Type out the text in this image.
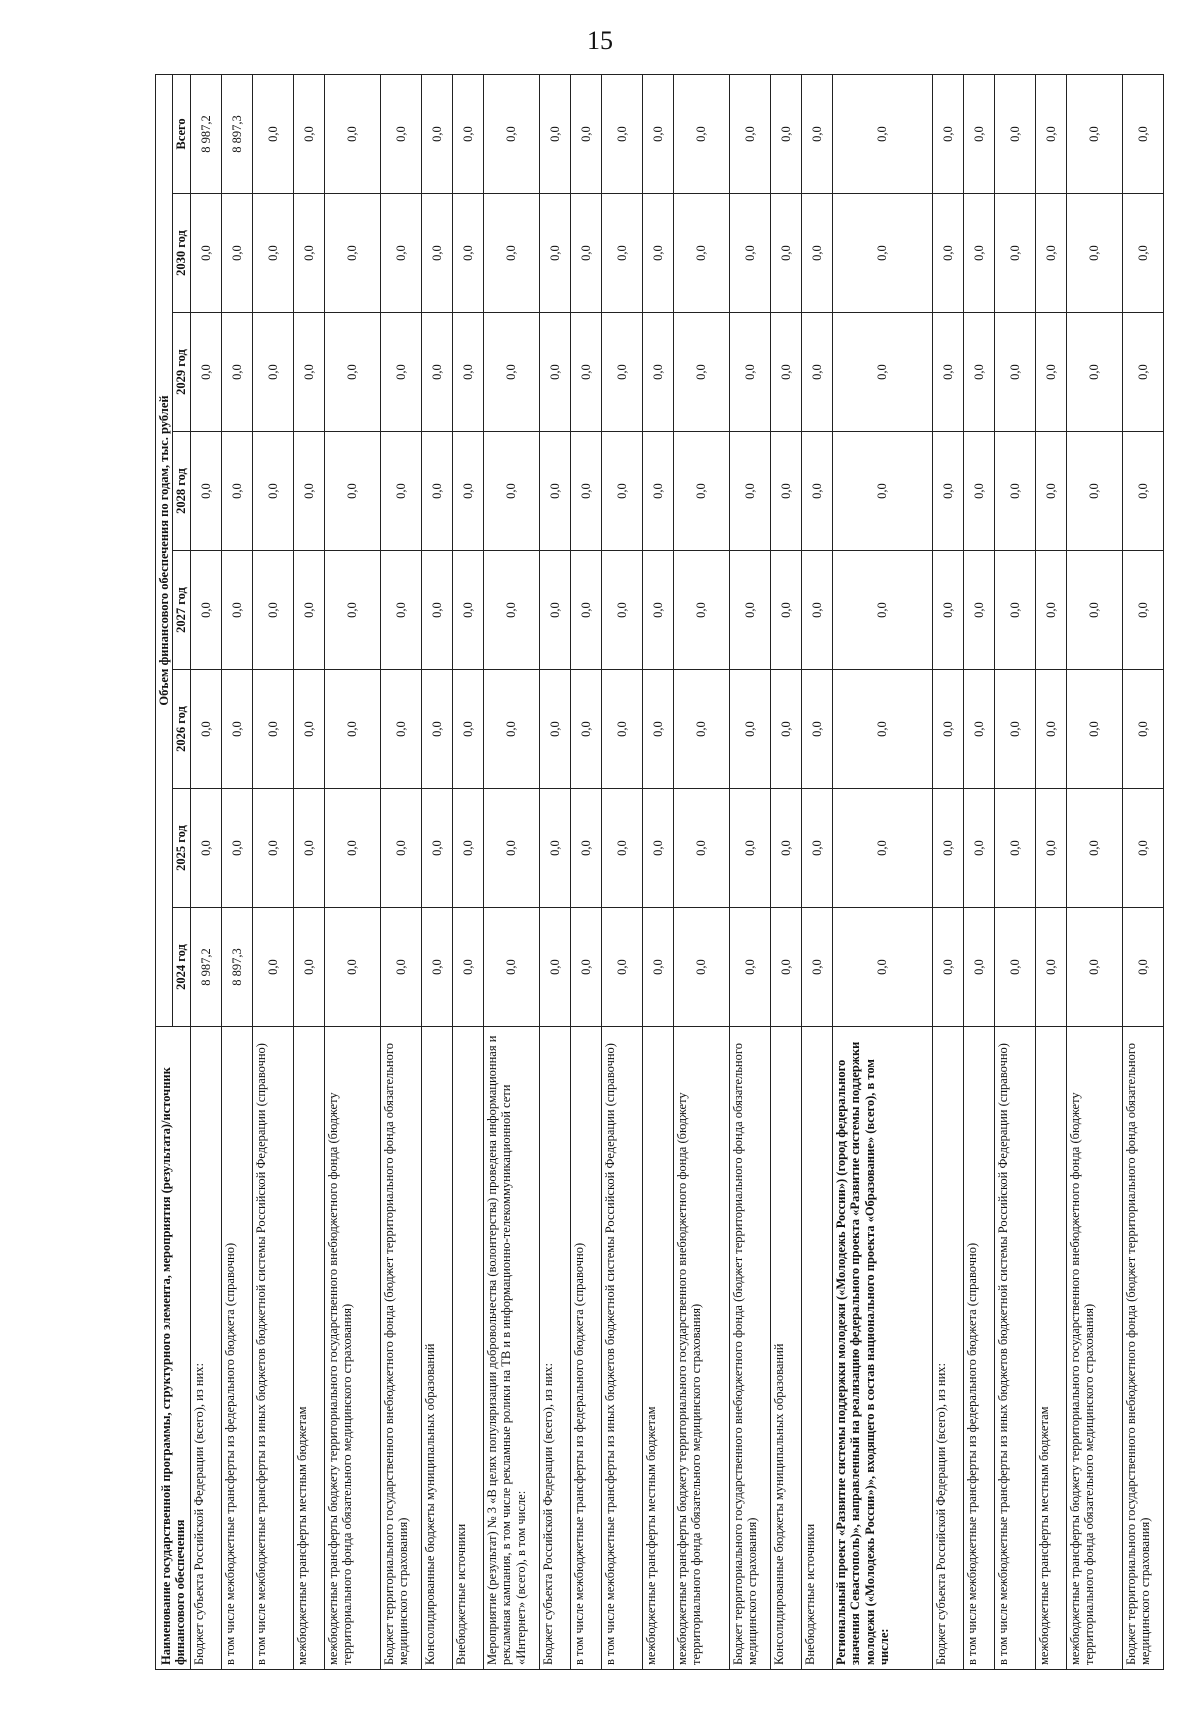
15
Наименование государственной программы, структурного элемента, мероприятия (результата)/источник финансового обеспечения	Объем финансового обеспечения по годам, тыс. рублей							
	2024 год	2025 год	2026 год	2027 год	2028 год	2029 год	2030 год	Всего
Бюджет субъекта Российской Федерации (всего), из них:	8 987,2	0,0	0,0	0,0	0,0	0,0	0,0	8 987,2
в том числе межбюджетные трансферты из федерального бюджета (справочно)	8 897,3	0,0	0,0	0,0	0,0	0,0	0,0	8 897,3
в том числе межбюджетные трансферты из иных бюджетов бюджетной системы Российской Федерации (справочно)	0,0	0,0	0,0	0,0	0,0	0,0	0,0	0,0
межбюджетные трансферты местным бюджетам	0,0	0,0	0,0	0,0	0,0	0,0	0,0	0,0
межбюджетные трансферты бюджету территориального государственного внебюджетного фонда (бюджету территориального фонда обязательного медицинского страхования)	0,0	0,0	0,0	0,0	0,0	0,0	0,0	0,0
Бюджет территориального государственного внебюджетного фонда (бюджет территориального фонда обязательного медицинского страхования)	0,0	0,0	0,0	0,0	0,0	0,0	0,0	0,0
Консолидированные бюджеты муниципальных образований	0,0	0,0	0,0	0,0	0,0	0,0	0,0	0,0
Внебюджетные источники	0,0	0,0	0,0	0,0	0,0	0,0	0,0	0,0
Мероприятие (результат) № 3 «В целях популяризации добровольчества (волонтерства) проведена информационная и рекламная кампания, в том числе рекламные ролики на ТВ и в информационно-телекоммуникационной сети «Интернет» (всего), в том числе:	0,0	0,0	0,0	0,0	0,0	0,0	0,0	0,0
Бюджет субъекта Российской Федерации (всего), из них:	0,0	0,0	0,0	0,0	0,0	0,0	0,0	0,0
в том числе межбюджетные трансферты из федерального бюджета (справочно)	0,0	0,0	0,0	0,0	0,0	0,0	0,0	0,0
в том числе межбюджетные трансферты из иных бюджетов бюджетной системы Российской Федерации (справочно)	0,0	0,0	0,0	0,0	0,0	0,0	0,0	0,0
межбюджетные трансферты местным бюджетам	0,0	0,0	0,0	0,0	0,0	0,0	0,0	0,0
межбюджетные трансферты бюджету территориального государственного внебюджетного фонда (бюджету территориального фонда обязательного медицинского страхования)	0,0	0,0	0,0	0,0	0,0	0,0	0,0	0,0
Бюджет территориального государственного внебюджетного фонда (бюджет территориального фонда обязательного медицинского страхования)	0,0	0,0	0,0	0,0	0,0	0,0	0,0	0,0
Консолидированные бюджеты муниципальных образований	0,0	0,0	0,0	0,0	0,0	0,0	0,0	0,0
Внебюджетные источники	0,0	0,0	0,0	0,0	0,0	0,0	0,0	0,0
Региональный проект «Развитие системы поддержки молодежи («Молодежь России») (город федерального значения Севастополь)», направленный на реализацию федерального проекта «Развитие системы поддержки молодежи («Молодежь России»)», входящего в состав национального проекта «Образование» (всего), в том числе:	0,0	0,0	0,0	0,0	0,0	0,0	0,0	0,0
Бюджет субъекта Российской Федерации (всего), из них:	0,0	0,0	0,0	0,0	0,0	0,0	0,0	0,0
в том числе межбюджетные трансферты из федерального бюджета (справочно)	0,0	0,0	0,0	0,0	0,0	0,0	0,0	0,0
в том числе межбюджетные трансферты из иных бюджетов бюджетной системы Российской Федерации (справочно)	0,0	0,0	0,0	0,0	0,0	0,0	0,0	0,0
межбюджетные трансферты местным бюджетам	0,0	0,0	0,0	0,0	0,0	0,0	0,0	0,0
межбюджетные трансферты бюджету территориального государственного внебюджетного фонда (бюджету территориального фонда обязательного медицинского страхования)	0,0	0,0	0,0	0,0	0,0	0,0	0,0	0,0
Бюджет территориального государственного внебюджетного фонда (бюджет территориального фонда обязательного медицинского страхования)	0,0	0,0	0,0	0,0	0,0	0,0	0,0	0,0
